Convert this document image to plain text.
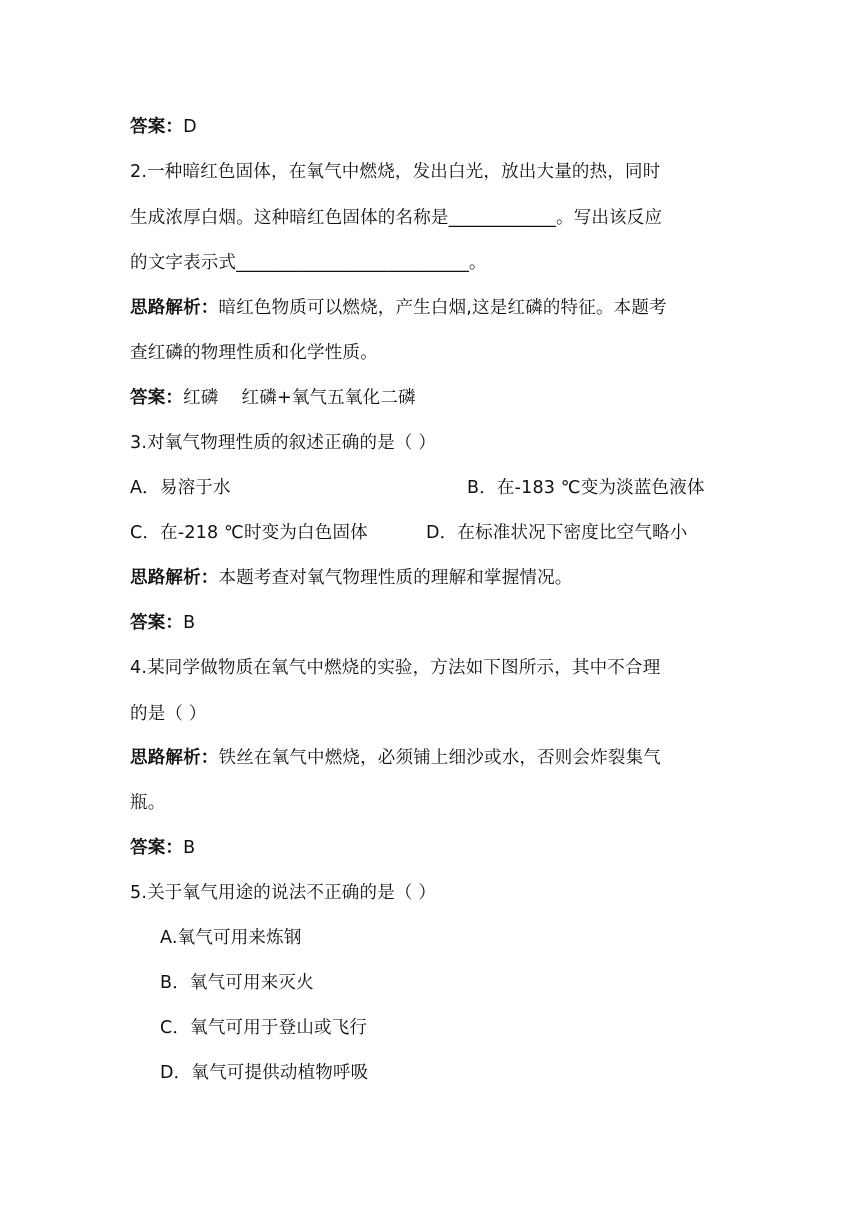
答案：D
2.一种暗红色固体，在氧气中燃烧，发出白光，放出大量的热，同时
生成浓厚白烟。这种暗红色固体的名称是____________。写出该反应
的文字表示式__________________________。
思路解析：暗红色物质可以燃烧，产生白烟,这是红磷的特征。本题考
查红磷的物理性质和化学性质。
答案：红磷    红磷+氧气五氧化二磷
3.对氧气物理性质的叙述正确的是（ ）
A．易溶于水	B．在-183 ℃变为淡蓝色液体
C．在-218 ℃时变为白色固体	D．在标准状况下密度比空气略小
思路解析：本题考查对氧气物理性质的理解和掌握情况。
答案：B
4.某同学做物质在氧气中燃烧的实验，方法如下图所示，其中不合理
的是（ ）
思路解析：铁丝在氧气中燃烧，必须铺上细沙或水，否则会炸裂集气
瓶。
答案：B
5.关于氧气用途的说法不正确的是（ ）
A.氧气可用来炼钢
B．氧气可用来灭火
C．氧气可用于登山或飞行
D．氧气可提供动植物呼吸
